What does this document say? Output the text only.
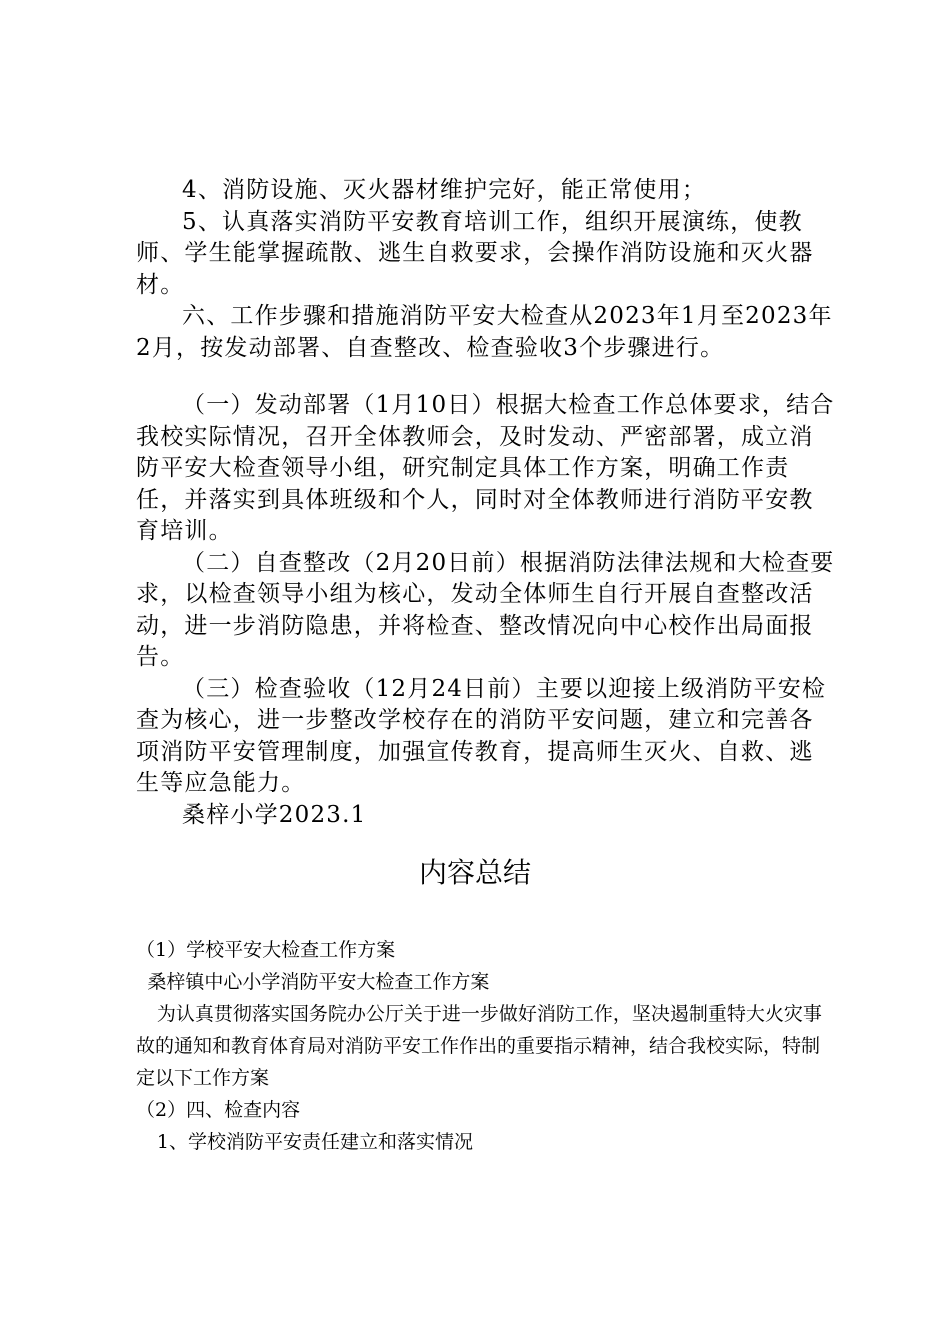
4、消防设施、灭火器材维护完好，能正常使用；

5、认真落实消防平安教育培训工作，组织开展演练，使教师、学生能掌握疏散、逃生自救要求，会操作消防设施和灭火器材。

六、工作步骤和措施消防平安大检查从2023年1月至2023年2月，按发动部署、自查整改、检查验收3个步骤进行。

（一）发动部署（1月10日）根据大检查工作总体要求，结合我校实际情况，召开全体教师会，及时发动、严密部署，成立消防平安大检查领导小组，研究制定具体工作方案，明确工作责任，并落实到具体班级和个人，同时对全体教师进行消防平安教育培训。

（二）自查整改（2月20日前）根据消防法律法规和大检查要求，以检查领导小组为核心，发动全体师生自行开展自查整改活动，进一步消防隐患，并将检查、整改情况向中心校作出局面报告。

（三）检查验收（12月24日前）主要以迎接上级消防平安检查为核心，进一步整改学校存在的消防平安问题，建立和完善各项消防平安管理制度，加强宣传教育，提高师生灭火、自救、逃生等应急能力。

桑梓小学2023.1

内容总结

（1）学校平安大检查工作方案

桑梓镇中心小学消防平安大检查工作方案

为认真贯彻落实国务院办公厅关于进一步做好消防工作，坚决遏制重特大火灾事故的通知和教育体育局对消防平安工作作出的重要指示精神，结合我校实际，特制定以下工作方案

（2）四、检查内容

1、学校消防平安责任建立和落实情况
